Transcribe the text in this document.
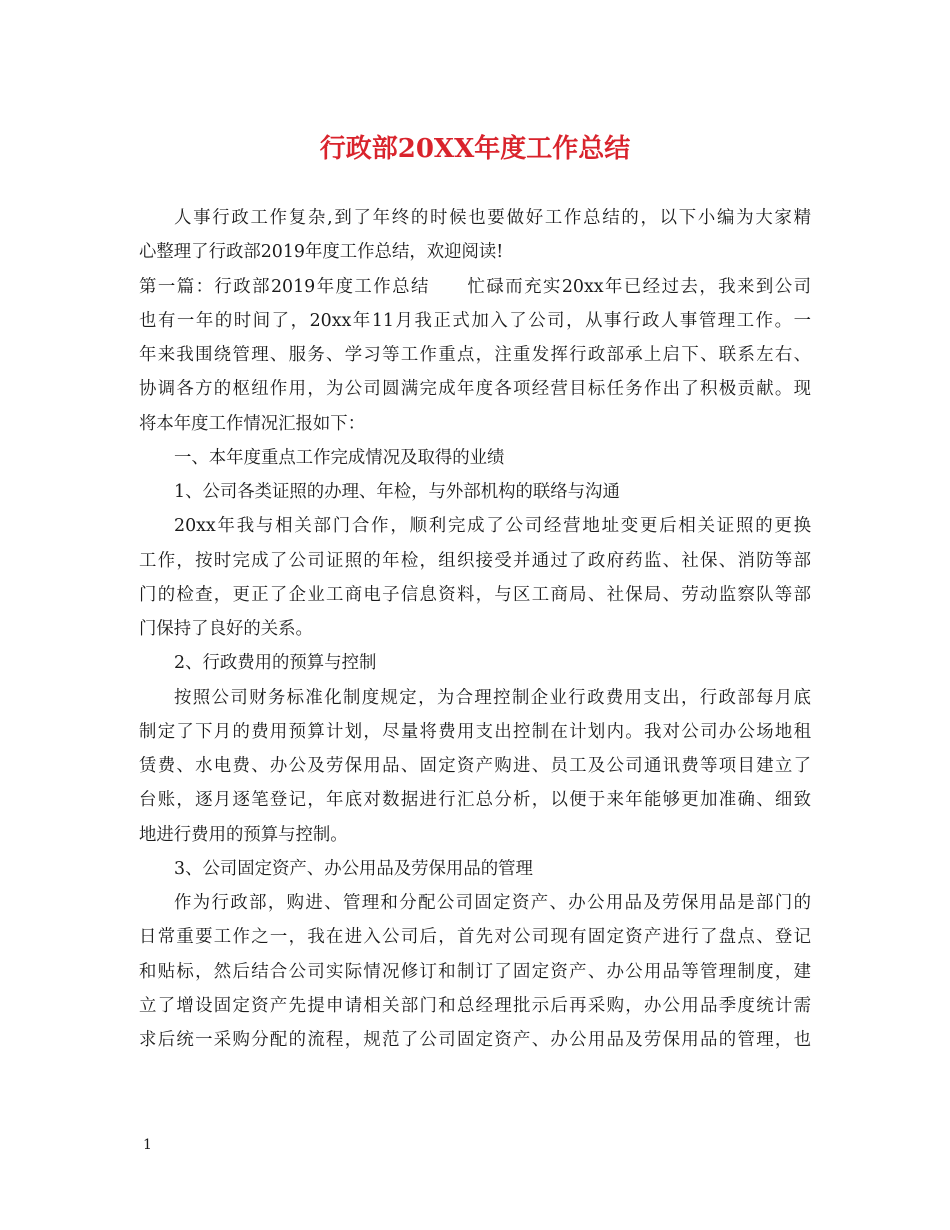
行政部20XX年度工作总结
人事行政工作复杂,到了年终的时候也要做好工作总结的，以下小编为大家精
心整理了行政部2019年度工作总结，欢迎阅读!
第一篇：行政部2019年度工作总结　　忙碌而充实20xx年已经过去，我来到公司
也有一年的时间了，20xx年11月我正式加入了公司，从事行政人事管理工作。一
年来我围绕管理、服务、学习等工作重点，注重发挥行政部承上启下、联系左右、
协调各方的枢纽作用，为公司圆满完成年度各项经营目标任务作出了积极贡献。现
将本年度工作情况汇报如下：
一、本年度重点工作完成情况及取得的业绩
1、公司各类证照的办理、年检，与外部机构的联络与沟通
20xx年我与相关部门合作，顺利完成了公司经营地址变更后相关证照的更换
工作，按时完成了公司证照的年检，组织接受并通过了政府药监、社保、消防等部
门的检查，更正了企业工商电子信息资料，与区工商局、社保局、劳动监察队等部
门保持了良好的关系。
2、行政费用的预算与控制
按照公司财务标准化制度规定，为合理控制企业行政费用支出，行政部每月底
制定了下月的费用预算计划，尽量将费用支出控制在计划内。我对公司办公场地租
赁费、水电费、办公及劳保用品、固定资产购进、员工及公司通讯费等项目建立了
台账，逐月逐笔登记，年底对数据进行汇总分析，以便于来年能够更加准确、细致
地进行费用的预算与控制。
3、公司固定资产、办公用品及劳保用品的管理
作为行政部，购进、管理和分配公司固定资产、办公用品及劳保用品是部门的
日常重要工作之一，我在进入公司后，首先对公司现有固定资产进行了盘点、登记
和贴标，然后结合公司实际情况修订和制订了固定资产、办公用品等管理制度，建
立了增设固定资产先提申请相关部门和总经理批示后再采购，办公用品季度统计需
求后统一采购分配的流程，规范了公司固定资产、办公用品及劳保用品的管理，也
1
